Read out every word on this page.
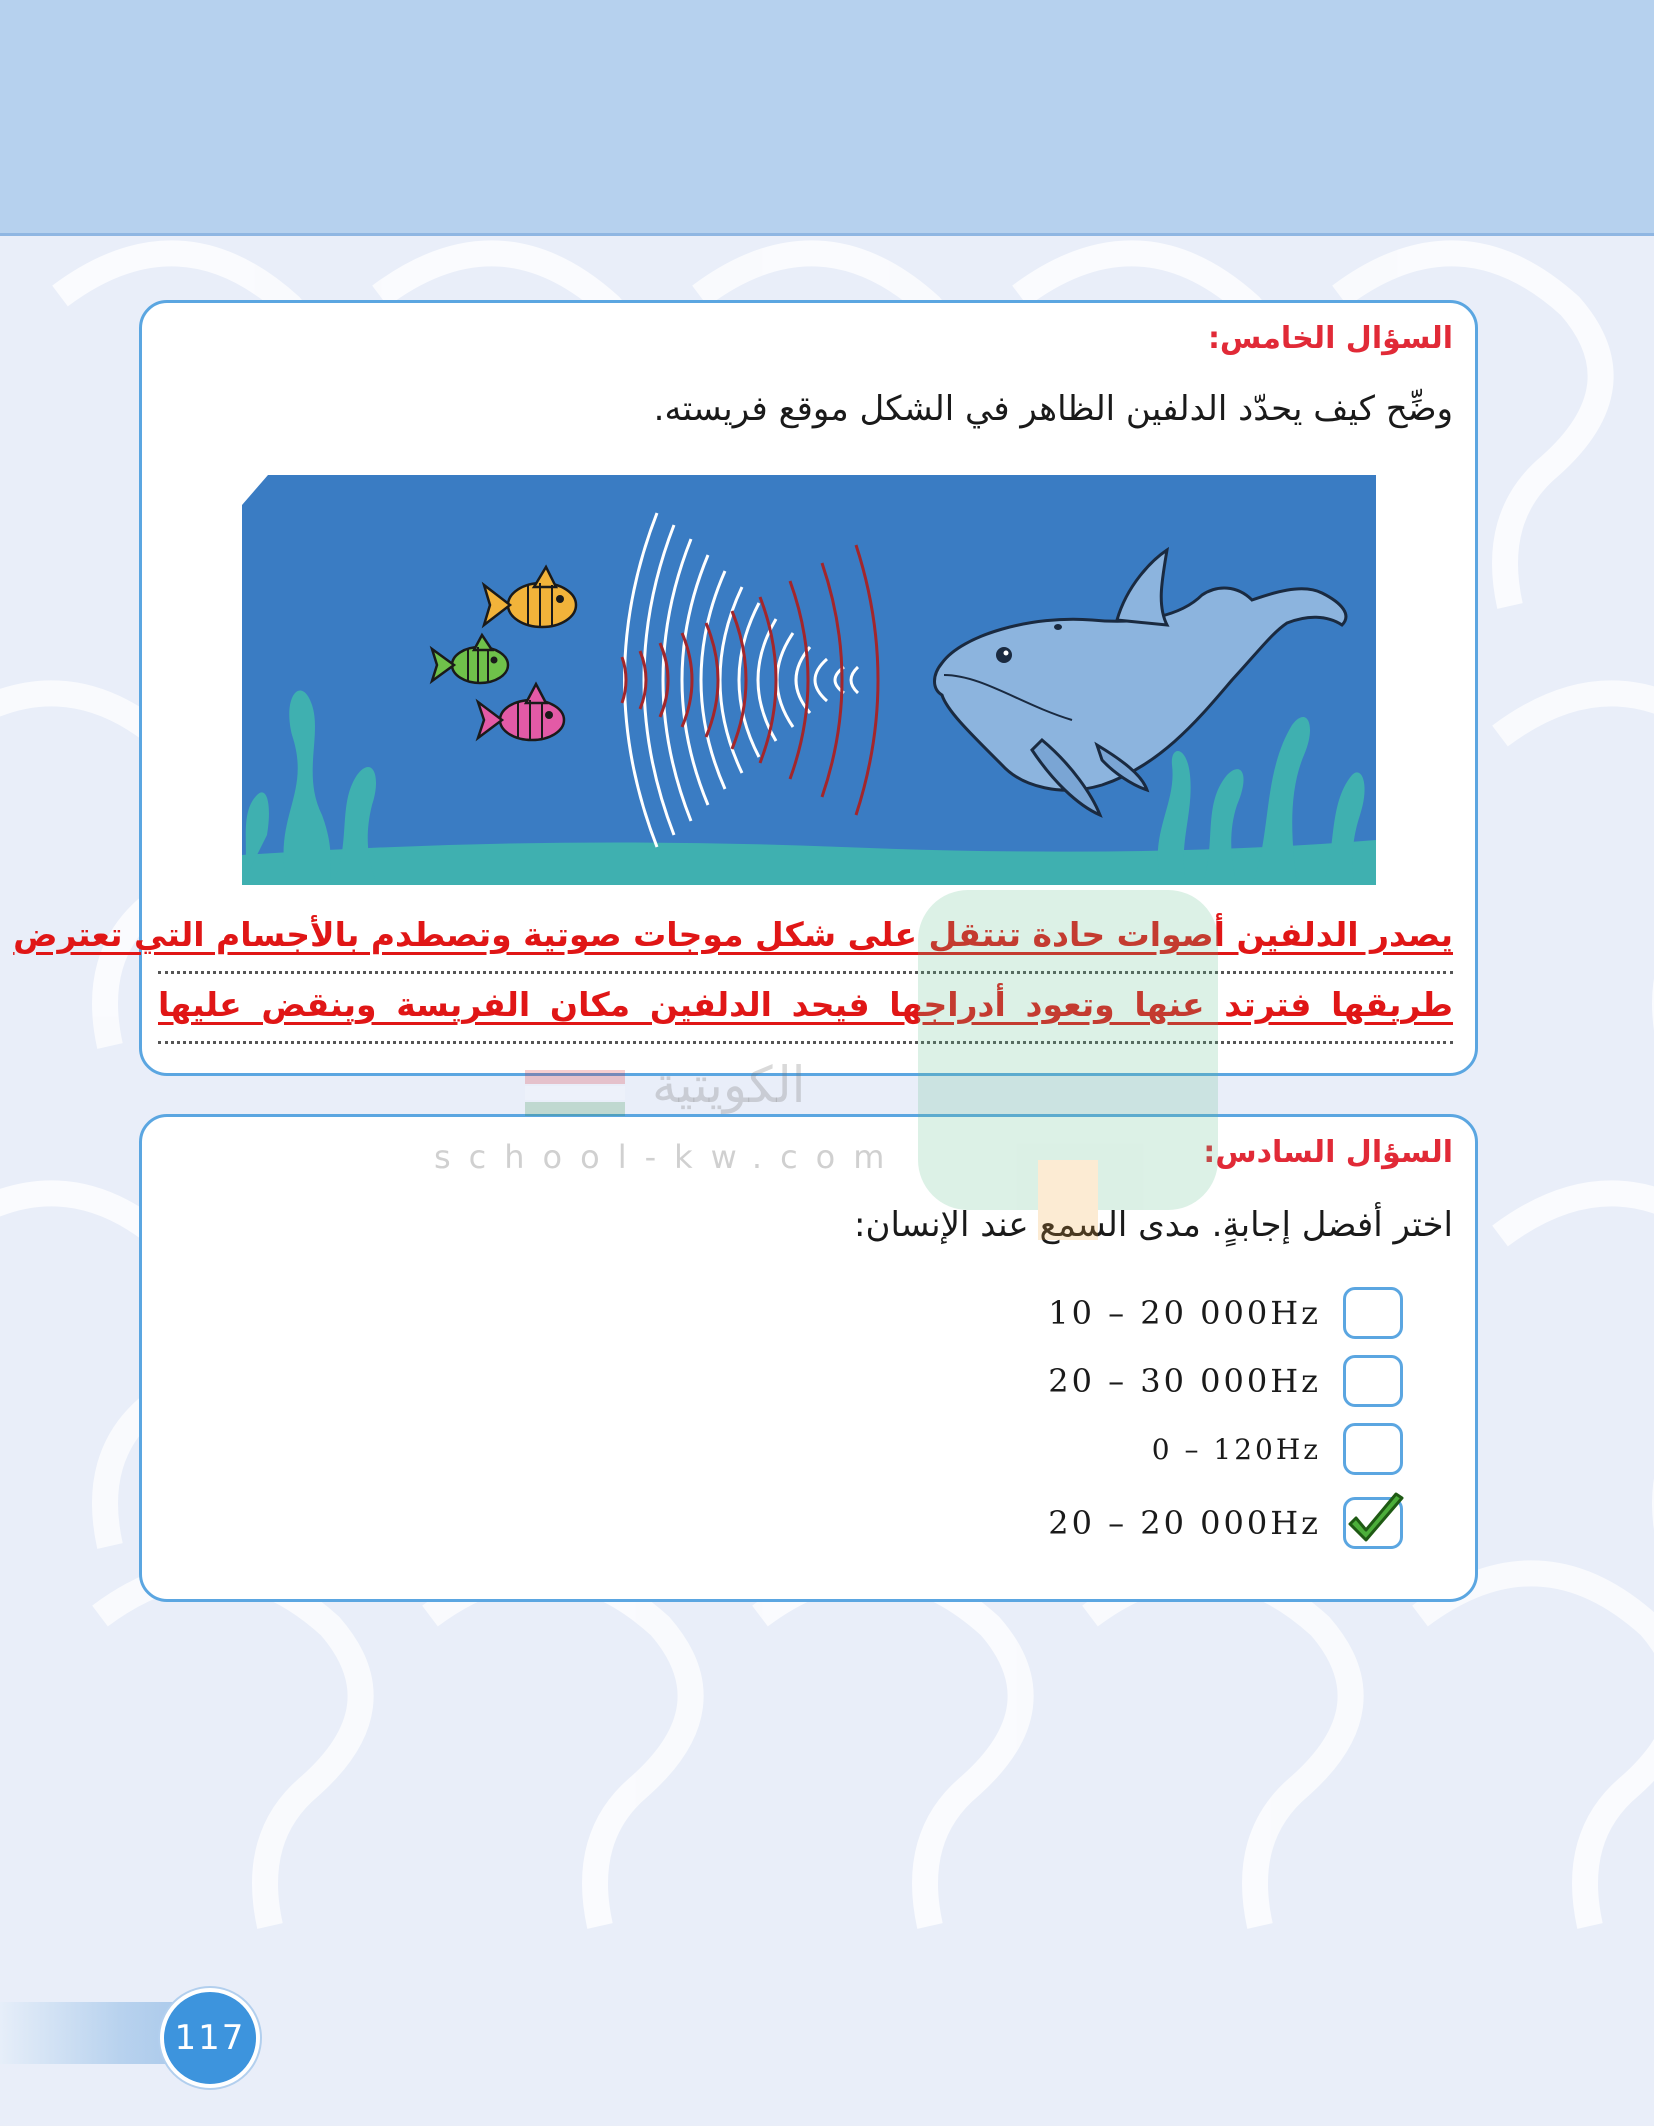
السؤال الخامس:
وضِّح كيف يحدّد الدلفين الظاهر في الشكل موقع فريسته.
يصدر الدلفين أصوات حادة تنتقل على شكل موجات صوتية وتصطدم بالأجسام التي تعترض
طريقها فترتد عنها وتعود أدراجها فيحد الدلفين مكان الفريسة وينقض عليها
السؤال السادس:
اختر أفضل إجابةٍ. مدى السمع عند الإنسان:
10 – 20 000Hz
20 – 30 000Hz
0 – 120Hz
20 – 20 000Hz
الكويتية
school-kw.com
117
